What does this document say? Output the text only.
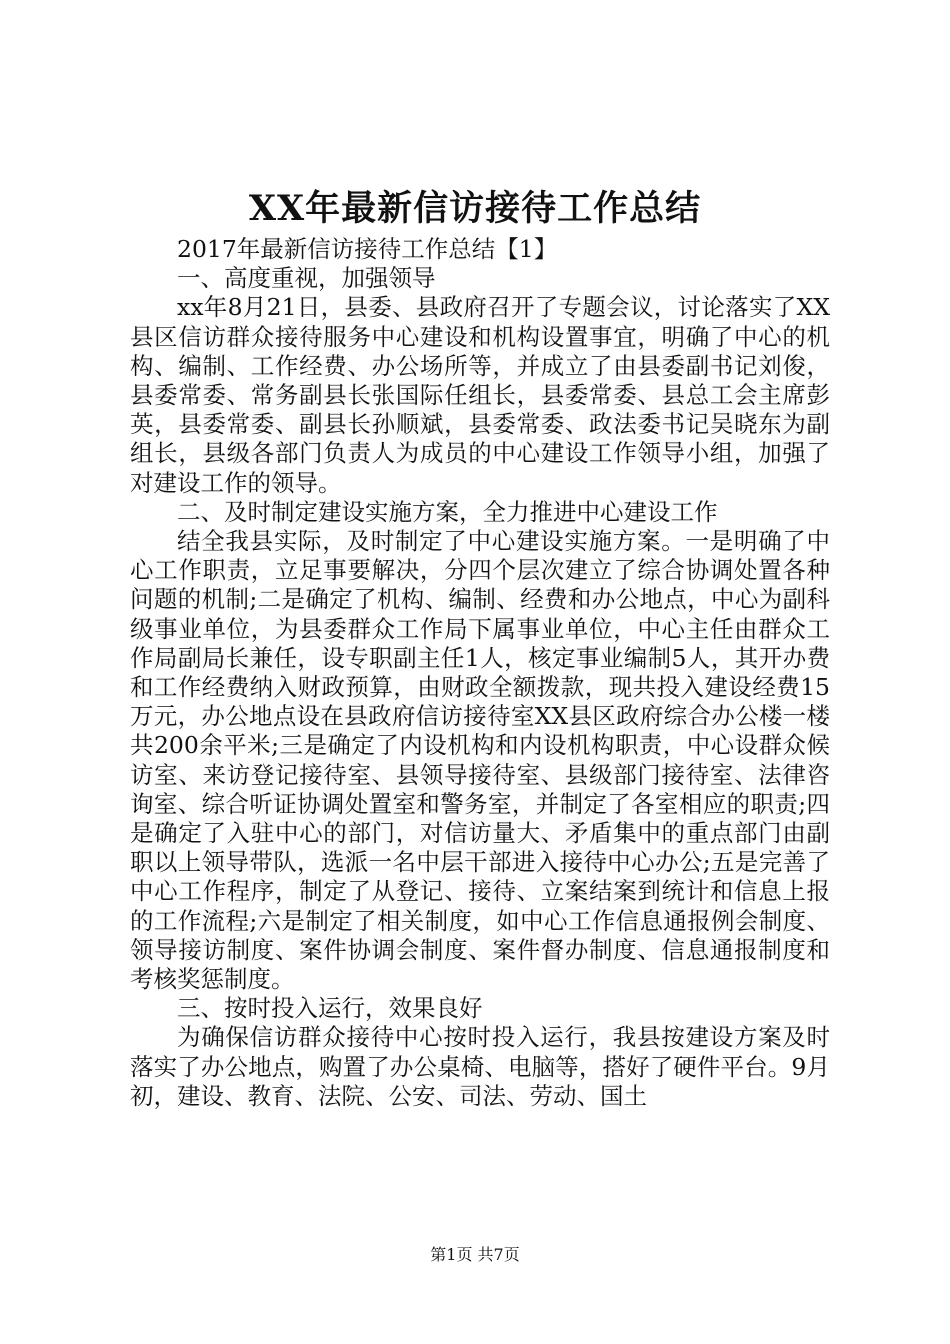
XX年最新信访接待工作总结

2017年最新信访接待工作总结【1】

一、高度重视，加强领导

xx年8月21日，县委、县政府召开了专题会议，讨论落实了XX县区信访群众接待服务中心建设和机构设置事宜，明确了中心的机构、编制、工作经费、办公场所等，并成立了由县委副书记刘俊，县委常委、常务副县长张国际任组长，县委常委、县总工会主席彭英，县委常委、副县长孙顺斌，县委常委、政法委书记吴晓东为副组长，县级各部门负责人为成员的中心建设工作领导小组，加强了对建设工作的领导。

二、及时制定建设实施方案，全力推进中心建设工作

结全我县实际，及时制定了中心建设实施方案。一是明确了中心工作职责，立足事要解决，分四个层次建立了综合协调处置各种问题的机制;二是确定了机构、编制、经费和办公地点，中心为副科级事业单位，为县委群众工作局下属事业单位，中心主任由群众工作局副局长兼任，设专职副主任1人，核定事业编制5人，其开办费和工作经费纳入财政预算，由财政全额拨款，现共投入建设经费15万元，办公地点设在县政府信访接待室XX县区政府综合办公楼一楼共200余平米;三是确定了内设机构和内设机构职责，中心设群众候访室、来访登记接待室、县领导接待室、县级部门接待室、法律咨询室、综合听证协调处置室和警务室，并制定了各室相应的职责;四是确定了入驻中心的部门，对信访量大、矛盾集中的重点部门由副职以上领导带队，选派一名中层干部进入接待中心办公;五是完善了中心工作程序，制定了从登记、接待、立案结案到统计和信息上报的工作流程;六是制定了相关制度，如中心工作信息通报例会制度、领导接访制度、案件协调会制度、案件督办制度、信息通报制度和考核奖惩制度。

三、按时投入运行，效果良好

为确保信访群众接待中心按时投入运行，我县按建设方案及时落实了办公地点，购置了办公桌椅、电脑等，搭好了硬件平台。9月初，建设、教育、法院、公安、司法、劳动、国土

第1页 共7页
